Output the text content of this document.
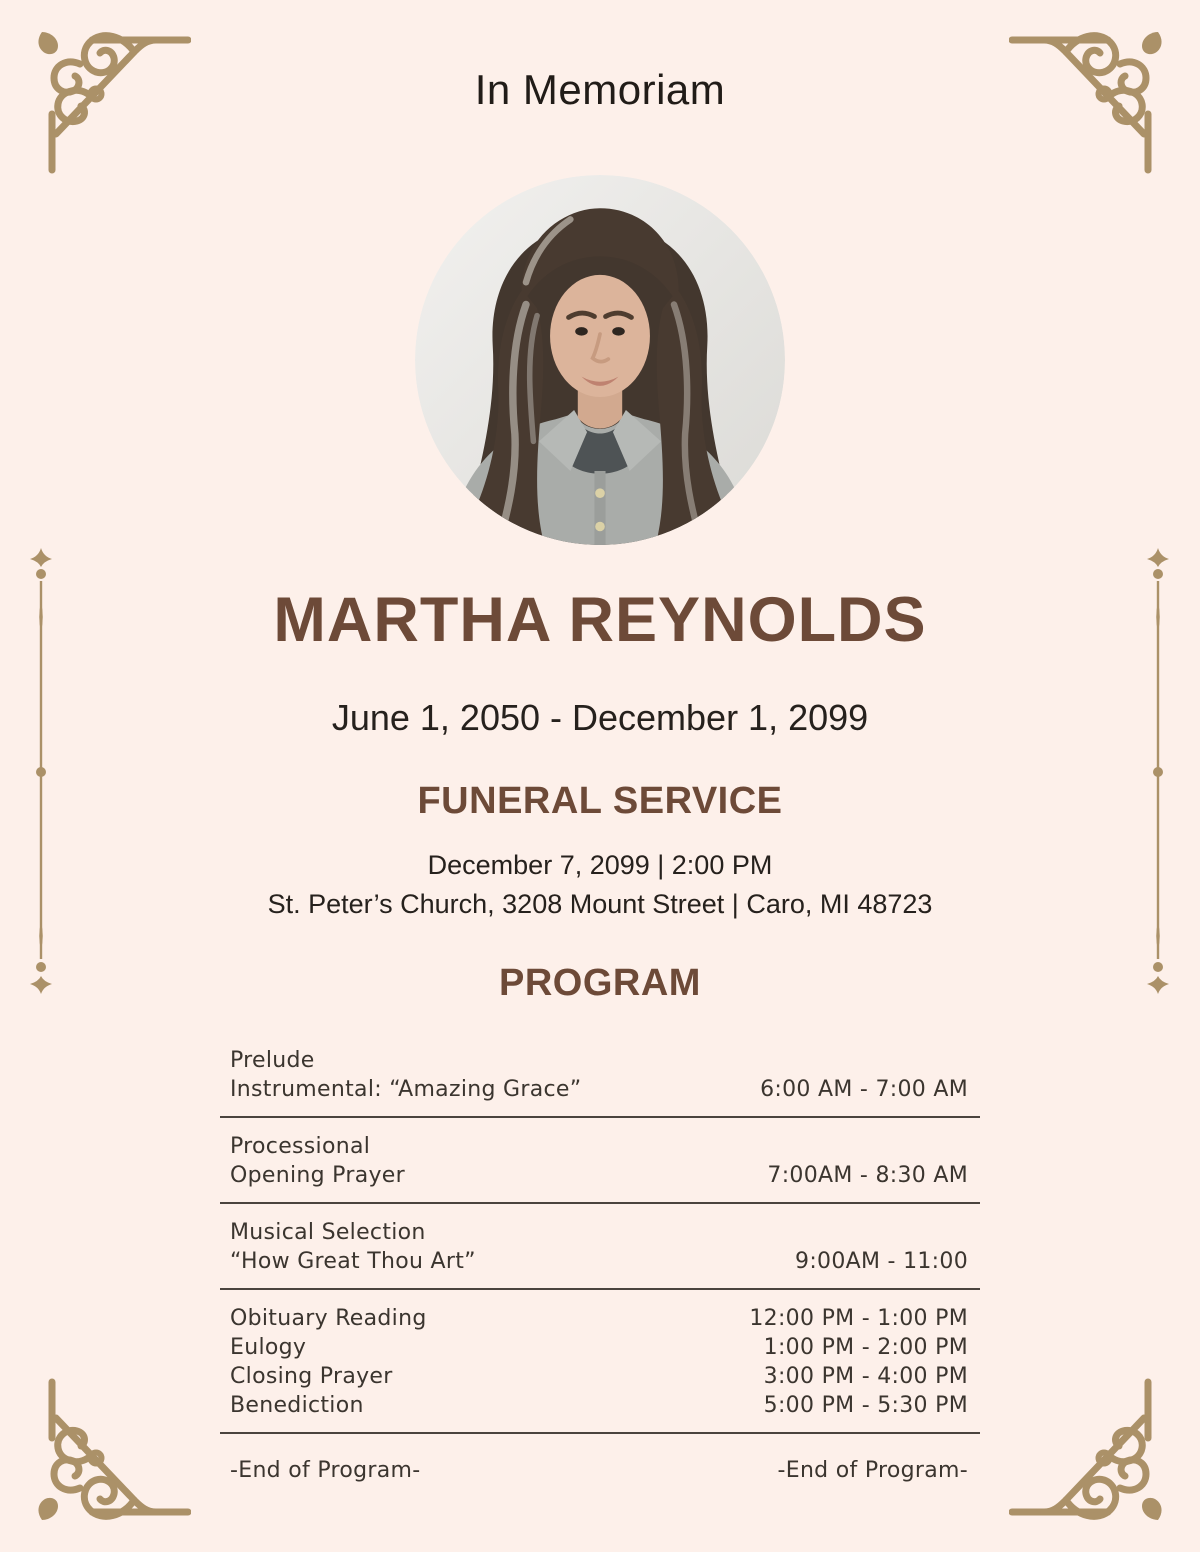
In Memoriam
MARTHA REYNOLDS
June 1, 2050 - December 1, 2099
FUNERAL SERVICE
December 7, 2099 | 2:00 PM
St. Peter’s Church, 3208 Mount Street | Caro, MI 48723
PROGRAM
Prelude
Instrumental: “Amazing Grace”	6:00 AM - 7:00 AM
Processional
Opening Prayer	7:00AM - 8:30 AM
Musical Selection
“How Great Thou Art”	9:00AM - 11:00
Obituary Reading	12:00 PM - 1:00 PM
Eulogy	1:00 PM - 2:00 PM
Closing Prayer	3:00 PM - 4:00 PM
Benediction	5:00 PM - 5:30 PM
-End of Program-	-End of Program-
